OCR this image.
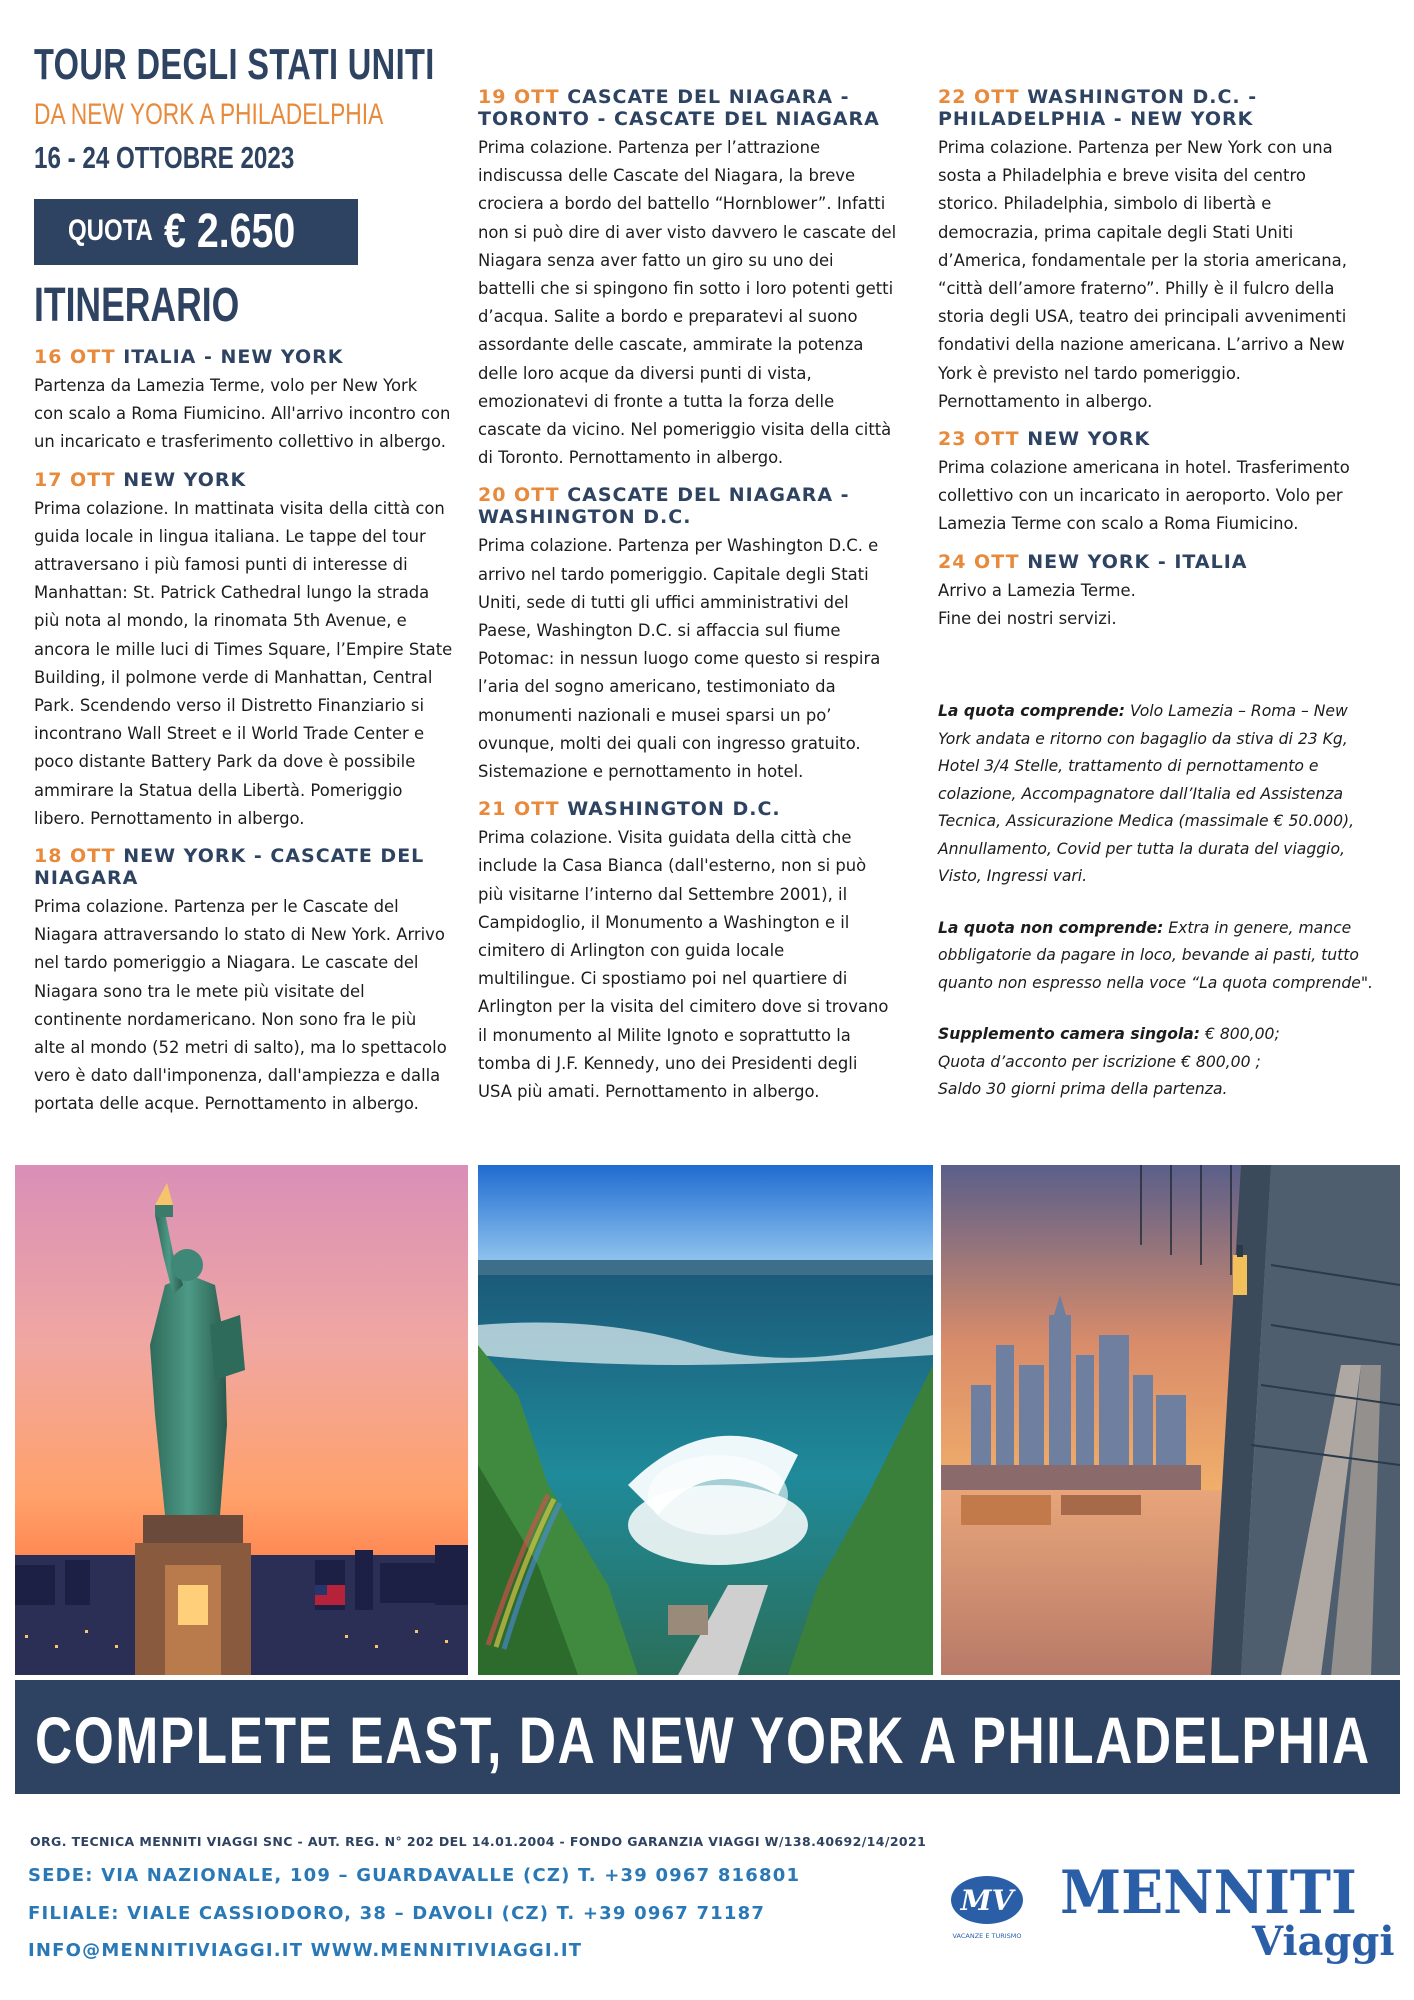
TOUR DEGLI STATI UNITI
DA NEW YORK A PHILADELPHIA
16 - 24 OTTOBRE 2023
QUOTA € 2.650
ITINERARIO
16 OTT ITALIA - NEW YORK
Partenza da Lamezia Terme, volo per New York
con scalo a Roma Fiumicino. All'arrivo incontro con
un incaricato e trasferimento collettivo in albergo.
17 OTT NEW YORK
Prima colazione. In mattinata visita della città con
guida locale in lingua italiana. Le tappe del tour
attraversano i più famosi punti di interesse di
Manhattan: St. Patrick Cathedral lungo la strada
più nota al mondo, la rinomata 5th Avenue, e
ancora le mille luci di Times Square, l’Empire State
Building, il polmone verde di Manhattan, Central
Park. Scendendo verso il Distretto Finanziario si
incontrano Wall Street e il World Trade Center e
poco distante Battery Park da dove è possibile
ammirare la Statua della Libertà. Pomeriggio
libero. Pernottamento in albergo.
18 OTT NEW YORK - CASCATE DEL NIAGARA
Prima colazione. Partenza per le Cascate del
Niagara attraversando lo stato di New York. Arrivo
nel tardo pomeriggio a Niagara. Le cascate del
Niagara sono tra le mete più visitate del
continente nordamericano. Non sono fra le più
alte al mondo (52 metri di salto), ma lo spettacolo
vero è dato dall'imponenza, dall'ampiezza e dalla
portata delle acque. Pernottamento in albergo.
19 OTT CASCATE DEL NIAGARA - TORONTO - CASCATE DEL NIAGARA
Prima colazione. Partenza per l’attrazione
indiscussa delle Cascate del Niagara, la breve
crociera a bordo del battello “Hornblower”. Infatti
non si può dire di aver visto davvero le cascate del
Niagara senza aver fatto un giro su uno dei
battelli che si spingono fin sotto i loro potenti getti
d’acqua. Salite a bordo e preparatevi al suono
assordante delle cascate, ammirate la potenza
delle loro acque da diversi punti di vista,
emozionatevi di fronte a tutta la forza delle
cascate da vicino. Nel pomeriggio visita della città
di Toronto. Pernottamento in albergo.
20 OTT CASCATE DEL NIAGARA - WASHINGTON D.C.
Prima colazione. Partenza per Washington D.C. e
arrivo nel tardo pomeriggio. Capitale degli Stati
Uniti, sede di tutti gli uffici amministrativi del
Paese, Washington D.C. si affaccia sul fiume
Potomac: in nessun luogo come questo si respira
l’aria del sogno americano, testimoniato da
monumenti nazionali e musei sparsi un po’
ovunque, molti dei quali con ingresso gratuito.
Sistemazione e pernottamento in hotel.
21 OTT WASHINGTON D.C.
Prima colazione. Visita guidata della città che
include la Casa Bianca (dall'esterno, non si può
più visitarne l’interno dal Settembre 2001), il
Campidoglio, il Monumento a Washington e il
cimitero di Arlington con guida locale
multilingue. Ci spostiamo poi nel quartiere di
Arlington per la visita del cimitero dove si trovano
il monumento al Milite Ignoto e soprattutto la
tomba di J.F. Kennedy, uno dei Presidenti degli
USA più amati. Pernottamento in albergo.
22 OTT WASHINGTON D.C. - PHILADELPHIA - NEW YORK
Prima colazione. Partenza per New York con una
sosta a Philadelphia e breve visita del centro
storico. Philadelphia, simbolo di libertà e
democrazia, prima capitale degli Stati Uniti
d’America, fondamentale per la storia americana,
“città dell’amore fraterno”. Philly è il fulcro della
storia degli USA, teatro dei principali avvenimenti
fondativi della nazione americana. L’arrivo a New
York è previsto nel tardo pomeriggio.
Pernottamento in albergo.
23 OTT NEW YORK
Prima colazione americana in hotel. Trasferimento
collettivo con un incaricato in aeroporto. Volo per
Lamezia Terme con scalo a Roma Fiumicino.
24 OTT NEW YORK - ITALIA
Arrivo a Lamezia Terme.
Fine dei nostri servizi.

La quota comprende: Volo Lamezia – Roma – New York andata e ritorno con bagaglio da stiva di 23 Kg, Hotel 3/4 Stelle, trattamento di pernottamento e colazione, Accompagnatore dall’Italia ed Assistenza Tecnica, Assicurazione Medica (massimale € 50.000), Annullamento, Covid per tutta la durata del viaggio, Visto, Ingressi vari.

La quota non comprende: Extra in genere, mance obbligatorie da pagare in loco, bevande ai pasti, tutto quanto non espresso nella voce “La quota comprende".

Supplemento camera singola: € 800,00;
Quota d’acconto per iscrizione € 800,00 ;
Saldo 30 giorni prima della partenza.

COMPLETE EAST, DA NEW YORK A PHILADELPHIA
ORG. TECNICA MENNITI VIAGGI SNC - AUT. REG. N° 202 DEL 14.01.2004 - FONDO GARANZIA VIAGGI W/138.40692/14/2021
SEDE: VIA NAZIONALE, 109 – GUARDAVALLE (CZ) T. +39 0967 816801
FILIALE: VIALE CASSIODORO, 38 – DAVOLI (CZ) T. +39 0967 71187
INFO@MENNITIVIAGGI.IT WWW.MENNITIVIAGGI.IT
MV
VACANZE E TURISMO
MENNITI
Viaggi
